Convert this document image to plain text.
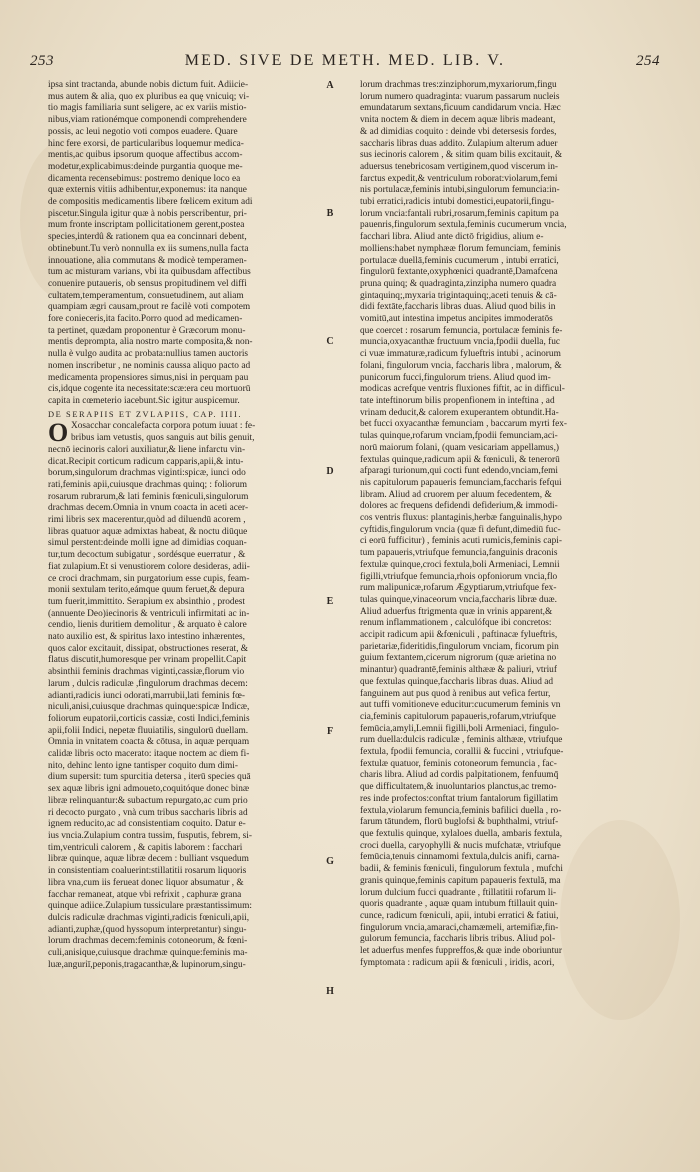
253	MED. SIVE DE METH. MED. LIB. V.	254
ipsa sint tractanda, abunde nobis dictum fuit. Adiicie-
mus autem & alia, quo ex pluribus ea quę vnicuiq; vi-
tio magis familiaria sunt seligere, ac ex variis mistio-
nibus,viam rationémque componendi comprehendere
possis, ac leui negotio voti compos euadere. Quare
hinc fere exorsi, de particularibus loquemur medica-
mentis,ac quibus ipsorum quoque affectibus accom-
modetur,explicabimus:deinde purgantia quoque me-
dicamenta recensebimus: postremo denique loco ea
quæ externis vitiis adhibentur,exponemus: ita nanque
de compositis medicamentis libere fœlicem exitum adi
piscetur.Singula igitur quæ à nobis perscribentur, pri-
mum fronte inscriptam pollicitationem gerent,postea
species,interdû & rationem qua ea concinnari debent,
obtinebunt.Tu verò nonnulla ex iis sumens,nulla facta
innouatione, alia commutans & modicè temperamen-
tum ac misturam varians, vbi ita quibusdam affectibus
conuenire putaueris, ob sensus propitudinem vel diffi
cultatem,temperamentum, consuetudinem, aut aliam
quampiam ægri causam,prout re facilè voti compotem
fore conieceris,ita facito.Porro quod ad medicamen-
ta pertinet, quædam proponentur è Græcorum monu-
mentis deprompta, alia nostro marte composita,& non-
nulla è vulgo audita ac probata:nullius tamen auctoris
nomen inscribetur , ne nominis caussa aliquo pacto ad
medicamenta propensiores simus,nisi in perquam pau
cis,idque cogente ita necessitate:scæ:era ceu mortuorū
capita in cœmeterio iacebunt.Sic igitur auspicemur.
DE SERAPIIS ET ZVLAPIIS, CAP. IIII.
O Xosacchar concalefacta corpora potum iuuat : fe-
bribus iam vetustis, quos sanguis aut bilis genuit,
necnō iecinoris calori auxiliatur,& liene infarctu vin-
dicat.Recipit corticum radicum capparis,apii,& intu-
borum,singulorum drachmas viginti:spicæ, iunci odo
rati,feminis apii,cuiusque drachmas quinq; : foliorum
rosarum rubrarum,& lati feminis fœniculi,singulorum
drachmas decem.Omnia in vnum coacta in aceti acer-
rimi libris sex macerentur,quòd ad diluendū acorem ,
libras quatuor aquæ admixtas habeat, & noctu diūque
simul perstent:deinde molli igne ad dimidias coquan-
tur,tum decoctum subigatur , sordésque euerratur , &
fiat zulapium.Et si venustiorem colore desideras, adii-
ce croci drachmam, sin purgatorium esse cupis, feam-
monii sextulam terito,eámque quum feruet,& depura
tum fuerit,immittito. Serapium ex absinthio , prodest
(annuente Deo)iecinoris & ventriculi infirmitati ac in-
cendio, lienis duritiem demolitur , & arquato è calore
nato auxilio est, & spiritus laxo intestino inhærentes,
quos calor excitauit, dissipat, obstructiones reserat, &
flatus discutit,humoresque per vrinam propellit.Capit
absinthii feminis drachmas viginti,cassiæ,florum vio
larum , dulcis radiculæ ,fingulorum drachmas decem:
adianti,radicis iunci odorati,marrubii,lati feminis fœ-
niculi,anisi,cuiusque drachmas quinque:spicæ Indicæ,
foliorum eupatorii,corticis cassiæ, costi Indici,feminis
apii,folii Indici, nepetæ fluuiatilis, singulorū duellam.
Omnia in vnitatem coacta & cōtusa, in aquæ perquam
calidæ libris octo macerato: itaque noctem ac diem fi-
nito, dehinc lento igne tantisper coquito dum dimi-
dium supersit: tum spurcitia detersa , iterū species quā
sex aquæ libris igni admoueto,coquitóque donec binæ
libræ relinquantur:& subactum repurgato,ac cum prio
ri decocto purgato , vnà cum tribus saccharis libris ad
ignem reducito,ac ad consistentiam coquito. Datur e-
ius vncia.Zulapium contra tussim, fusputis, febrem, si-
tim,ventriculi calorem , & capitis laborem : facchari
libræ quinque, aquæ libræ decem : bulliant vsquedum
in consistentiam coaluerint:stillatitii rosarum liquoris
libra vna,cum iis ferueat donec liquor absumatur , &
facchar remaneat, atque vbi refrixit , caphuræ grana
quinque adiice.Zulapium tussiculare præstantissimum:
dulcis radiculæ drachmas viginti,radicis fœniculi,apii,
adianti,zuphæ,(quod hyssopum interpretantur) singu-
lorum drachmas decem:feminis cotoneorum, & fœni-
culi,anisique,cuiusque drachmæ quinque:feminis ma-
luæ,anguriī,peponis,tragacanthæ,& lupinorum,singu-
A
B
C
D
E
F
G
H
lorum drachmas tres:zinziphorum,myxariorum,fingu
lorum numero quadraginta: vuarum passarum nucleis
emundatarum sextans,ficuum candidarum vncia. Hæc
vnita noctem & diem in decem aquæ libris madeant,
& ad dimidias coquito : deinde vbi detersesis fordes,
saccharis libras duas addito. Zulapium alterum aduer
sus iecinoris calorem , & sitim quam bilis excitauit, &
aduersus tenebricosam vertiginem,quod viscerum in-
farctus expedit,& ventriculum roborat:violarum,femi
nis portulacæ,feminis intubi,singulorum femuncia:in-
tubi erratici,radicis intubi domestici,eupatorii,fingu-
lorum vncia:fantali rubri,rosarum,feminis capitum pa
pauenris,fingulorum sextula,feminis cucumerum vncia,
facchari libra. Aliud ante dictō frigidius, alium e-
molliens:habet nymphææ florum femunciam, feminis
portulacæ duellā,feminis cucumerum , intubi erratici,
fingulorū fextante,oxyphœnici quadrantē,Damafcena
pruna quinq; & quadraginta,zinzipha numero quadra
gintaquinq;,myxaria trigintaquinq;,aceti tenuis & cā-
didi fextāte,faccharis libras duas. Aliud quod bilis in
vomitū,aut intestina impetus ancipites immoderatōs
que coercet : rosarum femuncia, portulacæ feminis fe-
muncia,oxyacanthæ fructuum vncia,fpodii duella, fuc
ci vuæ immaturæ,radicum fylueftris intubi , acinorum
folani, fingulorum vncia, faccharis libra , malorum, &
punicorum fucci,fingulorum triens. Aliud quod im-
modicas acrefque ventris fluxiones fiftit, ac in difficul-
tate inteftinorum bilis propenfionem in inteftina , ad
vrinam deducit,& calorem exuperantem obtundit.Ha-
bet fucci oxyacanthæ femunciam , baccarum myrti fex-
tulas quinque,rofarum vnciam,fpodii femunciam,aci-
norū maiorum folani, (quam vesicariam appellamus,)
fextulas quinque,radicum apii & fœniculi, & tenerorū
afparagi turionum,qui cocti funt edendo,vnciam,femi
nis capitulorum papaueris femunciam,faccharis fefqui
libram. Aliud ad cruorem per aluum fecedentem, &
dolores ac frequens defidendi defiderium,& immodi-
cos ventris fluxus: plantaginis,herbæ fanguinalis,hypo
cyftidis,fingulorum vncia (quæ fi defunt,dimediū fuc-
ci eorū fufficitur) , feminis acuti rumicis,feminis capi-
tum papaueris,vtriufque femuncia,fanguinis draconis
fextulæ quinque,croci fextula,boli Armeniaci, Lemnii
figilli,vtriufque femuncia,rhois opfoniorum vncia,flo
rum malipunicæ,rofarum Ægyptiarum,vtriufque fex-
tulas quinque,vinaceorum vncia,faccharis libræ duæ.
Aliud aduerfus ftrigmenta quæ in vrinis apparent,&
renum inflammationem , calculófque ibi concretos:
accipit radicum apii &fœniculi , paftinacæ fylueftris,
parietariæ,fideritidis,fingulorum vnciam, ficorum pin
guium fextantem,cicerum nigrorum (quæ arietina no
minantur) quadrantē,feminis althææ & paliuri, vtriuf
que fextulas quinque,faccharis libras duas. Aliud ad
fanguinem aut pus quod à renibus aut vefica fertur,
aut tuffi vomitioneve educitur:cucumerum feminis vn
cia,feminis capitulorum papaueris,rofarum,vtriufque
femūcia,amyli,Lemnii figilli,boli Armeniaci, fingulo-
rum duella:dulcis radiculæ , feminis althææ, vtriufque
fextula, fpodii femuncia, corallii & fuccini , vtriufque-
fextulæ quatuor, feminis cotoneorum femuncia , fac-
charis libra. Aliud ad cordis palpitationem, fenfuumq̄
que difficultatem,& inuoluntarios planctus,ac tremo-
res inde profectos:conftat trium fantalorum figillatim
fextula,violarum femuncia,feminis bafilici duella , ro-
farum tātundem, florū buglofsi & buphthalmi, vtriuf-
que fextulis quinque, xylaloes duella, ambaris fextula,
croci duella, caryophylli & nucis mufchatæ, vtriufque
femūcia,tenuis cinnamomi fextula,dulcis anifi, carna-
badii, & feminis fœniculi, fingulorum fextula , mufchi
granis quinque,feminis capitum papaueris fextulā, ma
lorum dulcium fucci quadrante , ftillatitii rofarum li-
quoris quadrante , aquæ quam intubum ftillauit quin-
cunce, radicum fœniculi, apii, intubi erratici & fatiui,
fingulorum vncia,amaraci,chamæmeli, artemifiæ,fin-
gulorum femuncia, faccharis libris tribus. Aliud pol-
let aduerfus menfes fuppreffos,& quæ inde oboriuntur
fymptomata : radicum apii & fœniculi , iridis, acori,
